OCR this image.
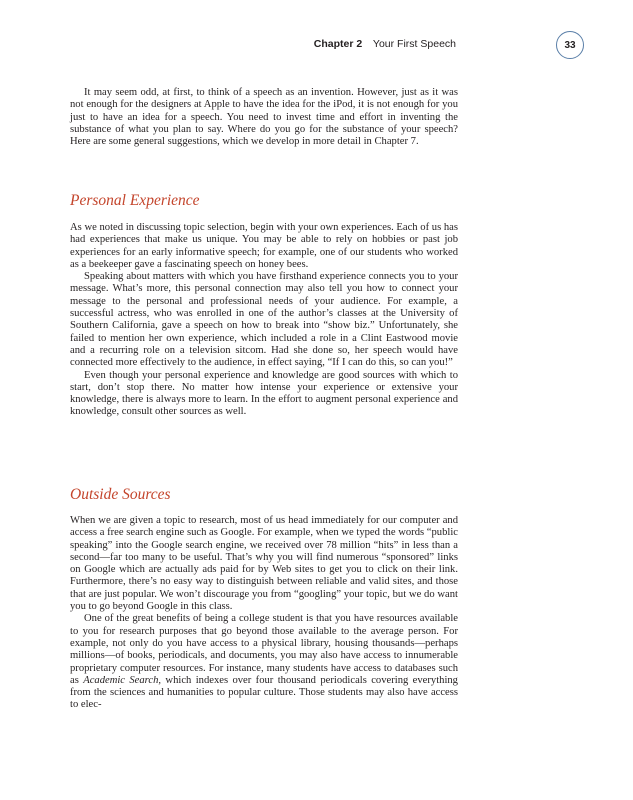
Chapter 2 Your First Speech	33

It may seem odd, at first, to think of a speech as an invention. However, just as it was not enough for the designers at Apple to have the idea for the iPod, it is not enough for you just to have an idea for a speech. You need to invest time and effort in inventing the substance of what you plan to say. Where do you go for the substance of your speech? Here are some general suggestions, which we develop in more detail in Chapter 7.

Personal Experience

As we noted in discussing topic selection, begin with your own experiences. Each of us has had experiences that make us unique. You may be able to rely on hobbies or past job experiences for an early informative speech; for example, one of our students who worked as a beekeeper gave a fascinating speech on honey bees.

Speaking about matters with which you have firsthand experience connects you to your message. What’s more, this personal connection may also tell you how to connect your message to the personal and professional needs of your audience. For example, a successful actress, who was enrolled in one of the author’s classes at the University of Southern California, gave a speech on how to break into “show biz.” Unfortunately, she failed to mention her own experience, which included a role in a Clint Eastwood movie and a recurring role on a television sitcom. Had she done so, her speech would have connected more effectively to the audience, in effect saying, “If I can do this, so can you!”

Even though your personal experience and knowledge are good sources with which to start, don’t stop there. No matter how intense your experience or extensive your knowledge, there is always more to learn. In the effort to augment personal experience and knowledge, consult other sources as well.

Outside Sources

When we are given a topic to research, most of us head immediately for our computer and access a free search engine such as Google. For example, when we typed the words “public speaking” into the Google search engine, we received over 78 million “hits” in less than a second—far too many to be useful. That’s why you will find numerous “sponsored” links on Google which are actually ads paid for by Web sites to get you to click on their link. Furthermore, there’s no easy way to distinguish between reliable and valid sites, and those that are just popular. We won’t discourage you from “googling” your topic, but we do want you to go beyond Google in this class.

One of the great benefits of being a college student is that you have resources available to you for research purposes that go beyond those available to the average person. For example, not only do you have access to a physical library, housing thousands—perhaps millions—of books, periodicals, and documents, you may also have access to innumerable proprietary computer resources. For instance, many students have access to databases such as Academic Search, which indexes over four thousand periodicals covering everything from the sciences and humanities to popular culture. Those students may also have access to elec-
